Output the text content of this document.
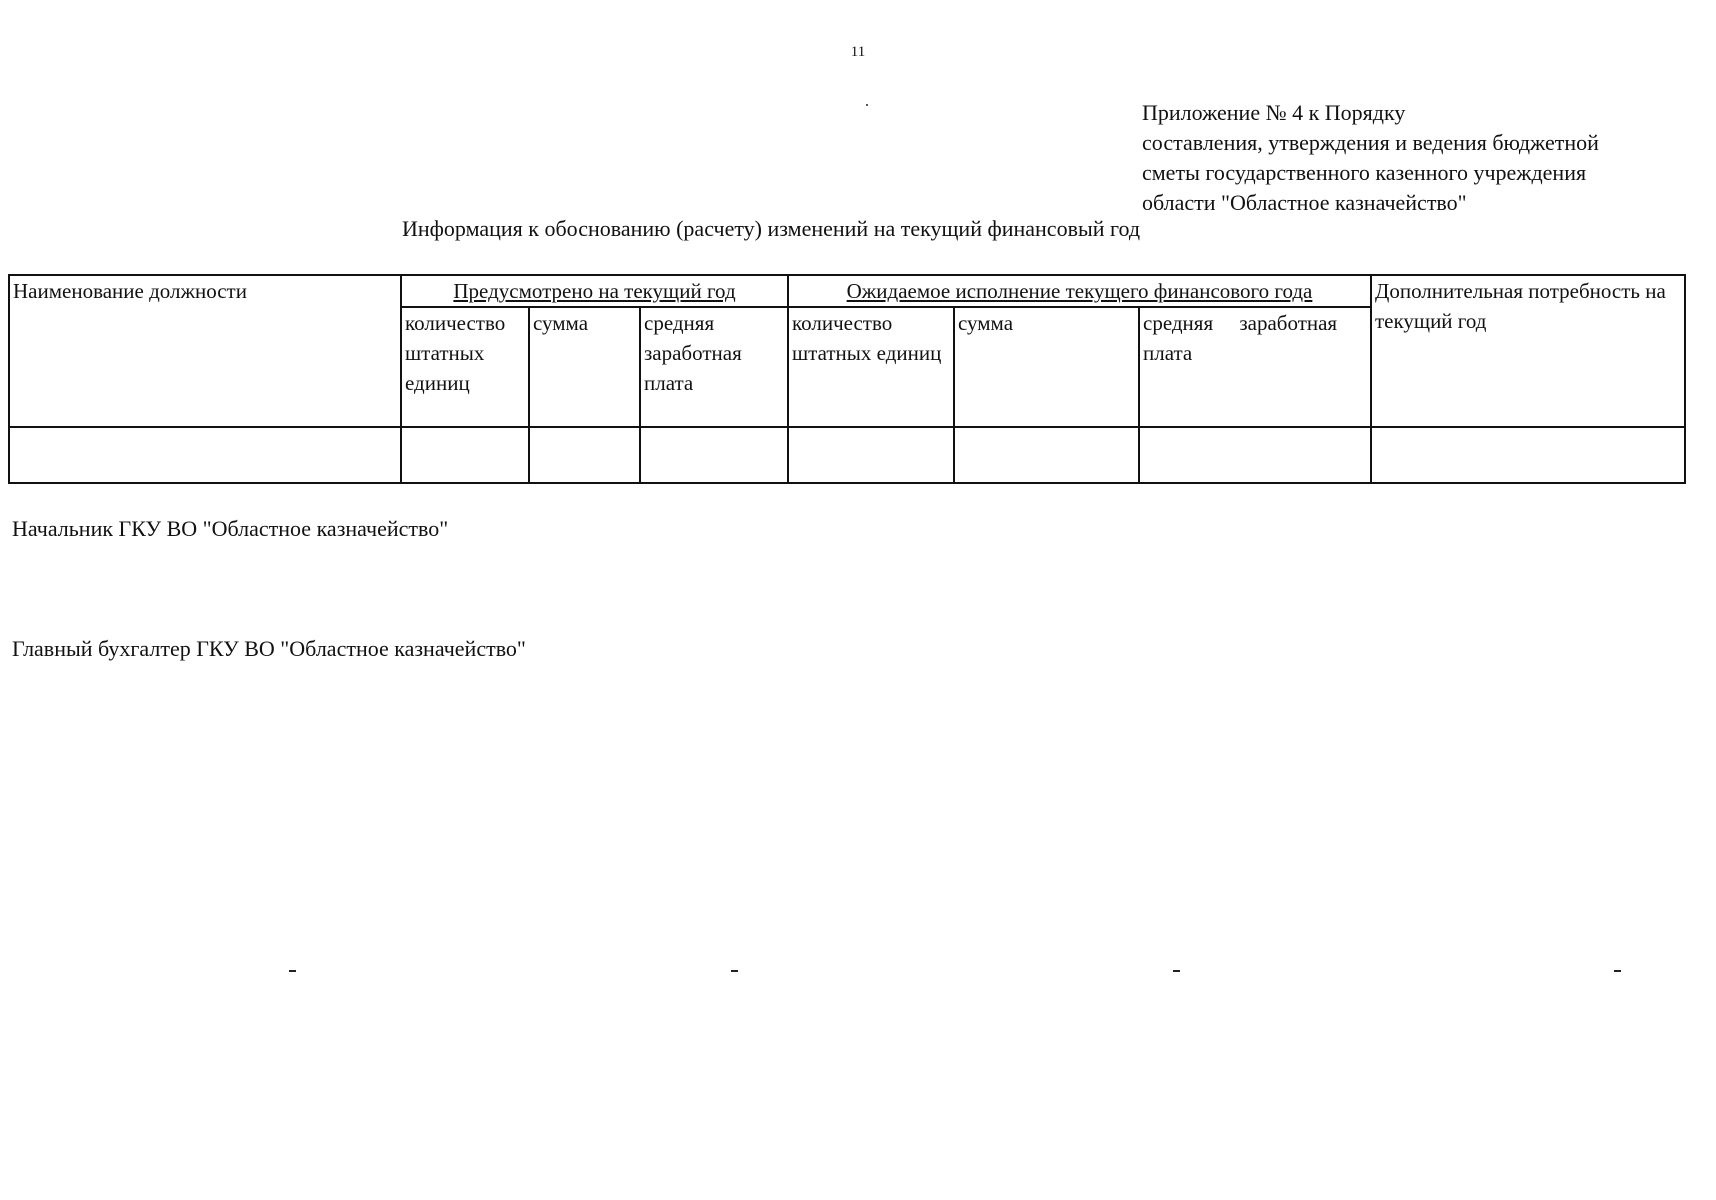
11
Приложение № 4 к Порядку
составления, утверждения и ведения бюджетной
сметы государственного казенного учреждения
области "Областное казначейство"
Информация к обоснованию (расчету) изменений на текущий финансовый год
Наименование должности	Предусмотрено на текущий год			Ожидаемое исполнение текущего финансового года			Дополнительная потребность на текущий год
	количество штатных единиц	сумма	средняя заработная плата	количество штатных единиц	сумма	средняя     заработная плата	

Начальник ГКУ ВО "Областное казначейство"
Главный бухгалтер ГКУ ВО "Областное казначейство"
